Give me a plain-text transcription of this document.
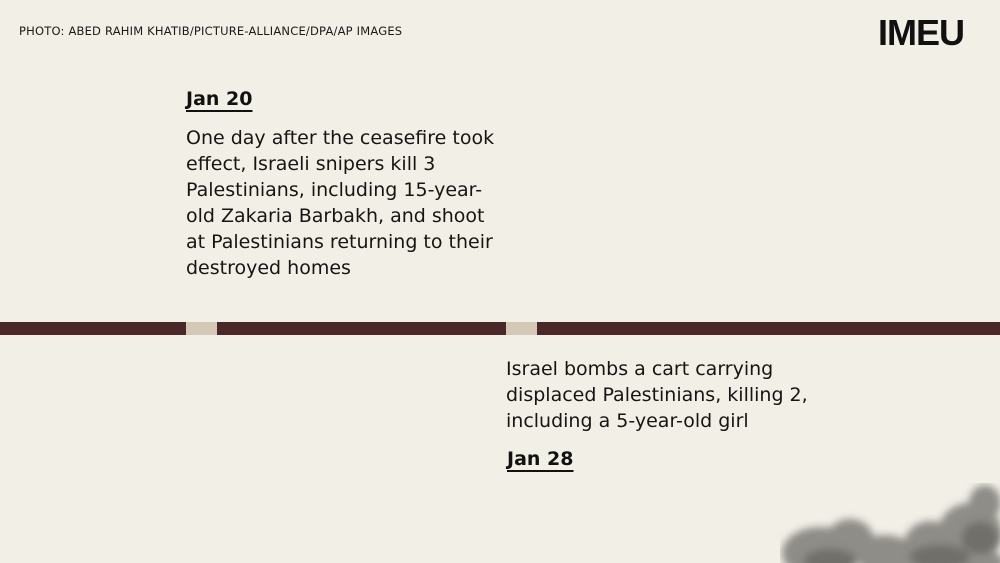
PHOTO: ABED RAHIM KHATIB/PICTURE-ALLIANCE/DPA/AP IMAGES	IMEU
Jan 20

One day after the ceasefire took effect, Israeli snipers kill 3 Palestinians, including 15-year-old Zakaria Barbakh, and shoot at Palestinians returning to their destroyed homes

Israel bombs a cart carrying displaced Palestinians, killing 2, including a 5-year-old girl

Jan 28
